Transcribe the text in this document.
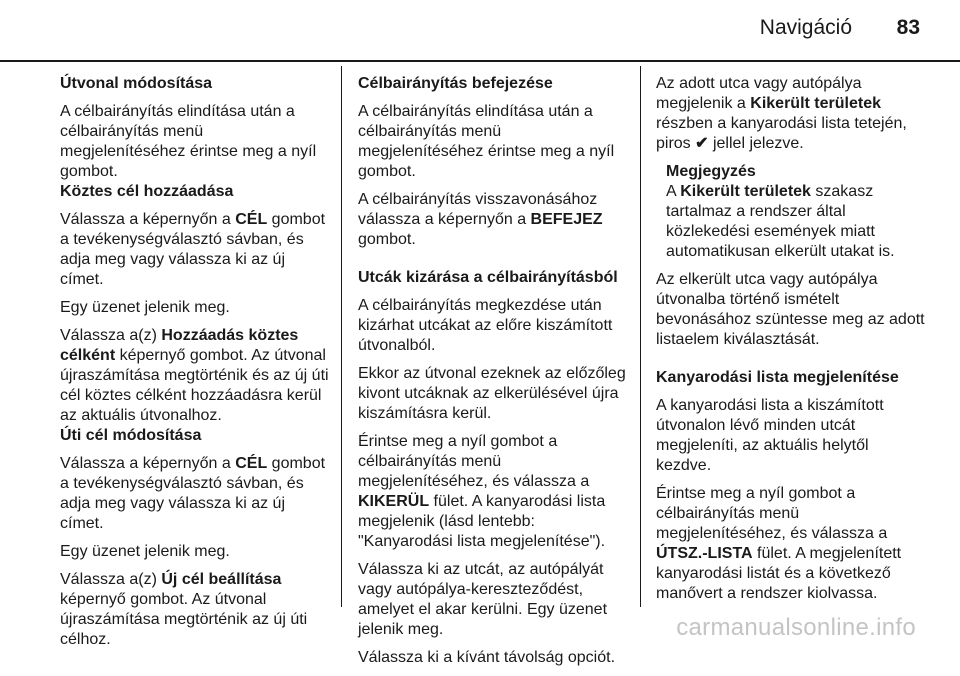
Navigáció 83

Útvonal módosítása

A célbairányítás elindítása után a célbairányítás menü megjelenítéséhez érintse meg a nyíl gombot.

Köztes cél hozzáadása

Válassza a képernyőn a CÉL gombot a tevékenységválasztó sávban, és adja meg vagy válassza ki az új címet.

Egy üzenet jelenik meg.

Válassza a(z) Hozzáadás köztes célként képernyő gombot. Az útvonal újraszámítása megtörténik és az új úti cél köztes célként hozzáadásra kerül az aktuális útvonalhoz.

Úti cél módosítása

Válassza a képernyőn a CÉL gombot a tevékenységválasztó sávban, és adja meg vagy válassza ki az új címet.

Egy üzenet jelenik meg.

Válassza a(z) Új cél beállítása képernyő gombot. Az útvonal újraszámítása megtörténik az új úti célhoz.

Célbairányítás befejezése

A célbairányítás elindítása után a célbairányítás menü megjelenítéséhez érintse meg a nyíl gombot.

A célbairányítás visszavonásához válassza a képernyőn a BEFEJEZ gombot.

Utcák kizárása a célbairányításból

A célbairányítás megkezdése után kizárhat utcákat az előre kiszámított útvonalból.

Ekkor az útvonal ezeknek az előzőleg kivont utcáknak az elkerülésével újra kiszámításra kerül.

Érintse meg a nyíl gombot a célbairányítás menü megjelenítéséhez, és válassza a KIKERÜL fület. A kanyarodási lista megjelenik (lásd lentebb: "Kanyarodási lista megjelenítése").

Válassza ki az utcát, az autópályát vagy autópálya-kereszteződést, amelyet el akar kerülni. Egy üzenet jelenik meg.

Válassza ki a kívánt távolság opciót.

Az adott utca vagy autópálya megjelenik a Kikerült területek részben a kanyarodási lista tetején, piros ✔ jellel jelezve.

Megjegyzés

A Kikerült területek szakasz tartalmaz a rendszer által közlekedési események miatt automatikusan elkerült utakat is.

Az elkerült utca vagy autópálya útvonalba történő ismételt bevonásához szüntesse meg az adott listaelem kiválasztását.

Kanyarodási lista megjelenítése

A kanyarodási lista a kiszámított útvonalon lévő minden utcát megjeleníti, az aktuális helytől kezdve.

Érintse meg a nyíl gombot a célbairányítás menü megjelenítéséhez, és válassza a ÚTSZ.-LISTA fület. A megjelenített kanyarodási listát és a következő manővert a rendszer kiolvassa.

carmanualsonline.info
